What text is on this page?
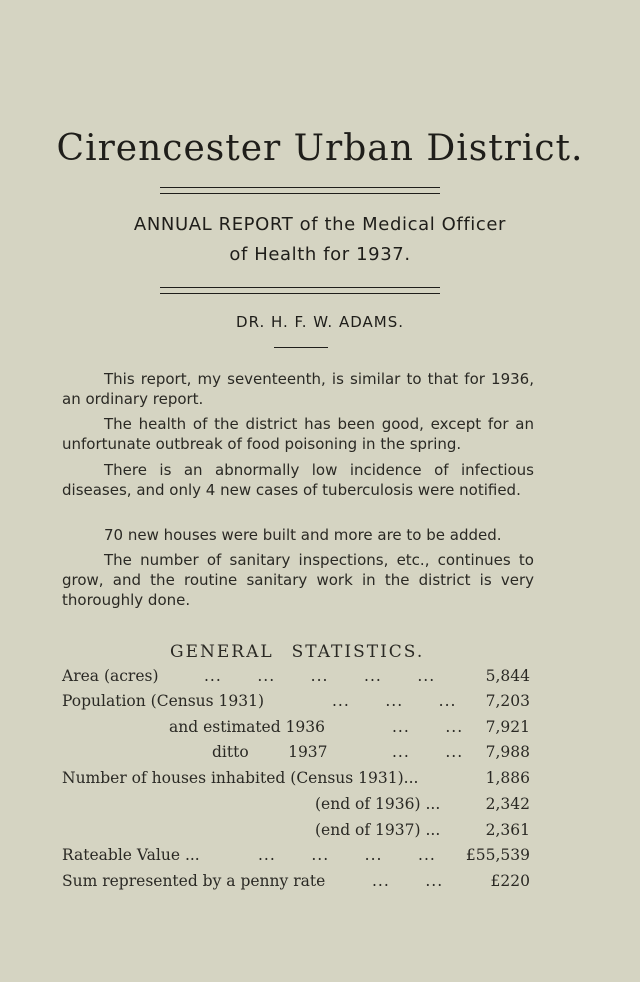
Cirencester Urban District.
ANNUAL REPORT of the Medical Officer
of Health for 1937.
DR. H. F. W. ADAMS.

This report, my seventeenth, is similar to that for 1936, an ordinary report.

The health of the district has been good, except for an unfortunate outbreak of food poisoning in the spring.

There is an abnormally low incidence of infectious diseases, and only 4 new cases of tuberculosis were notified.

70 new houses were built and more are to be added.

The number of sanitary inspections, etc., continues to grow, and the routine sanitary work in the district is very thoroughly done.

GENERAL STATISTICS.
Area (acres)	...      ...      ...      ...      ...	5,844
Population (Census 1931)	...      ...      ... 7,203
and estimated 1936	...      ... 7,921
ditto        1937	...      ... 7,988
Number of houses inhabited (Census 1931)...	1,886
(end of 1936) ...	2,342
(end of 1937) ...	2,361
Rateable Value ...	...      ...      ...      ... £55,539
Sum represented by a penny rate	...      ...	£220
